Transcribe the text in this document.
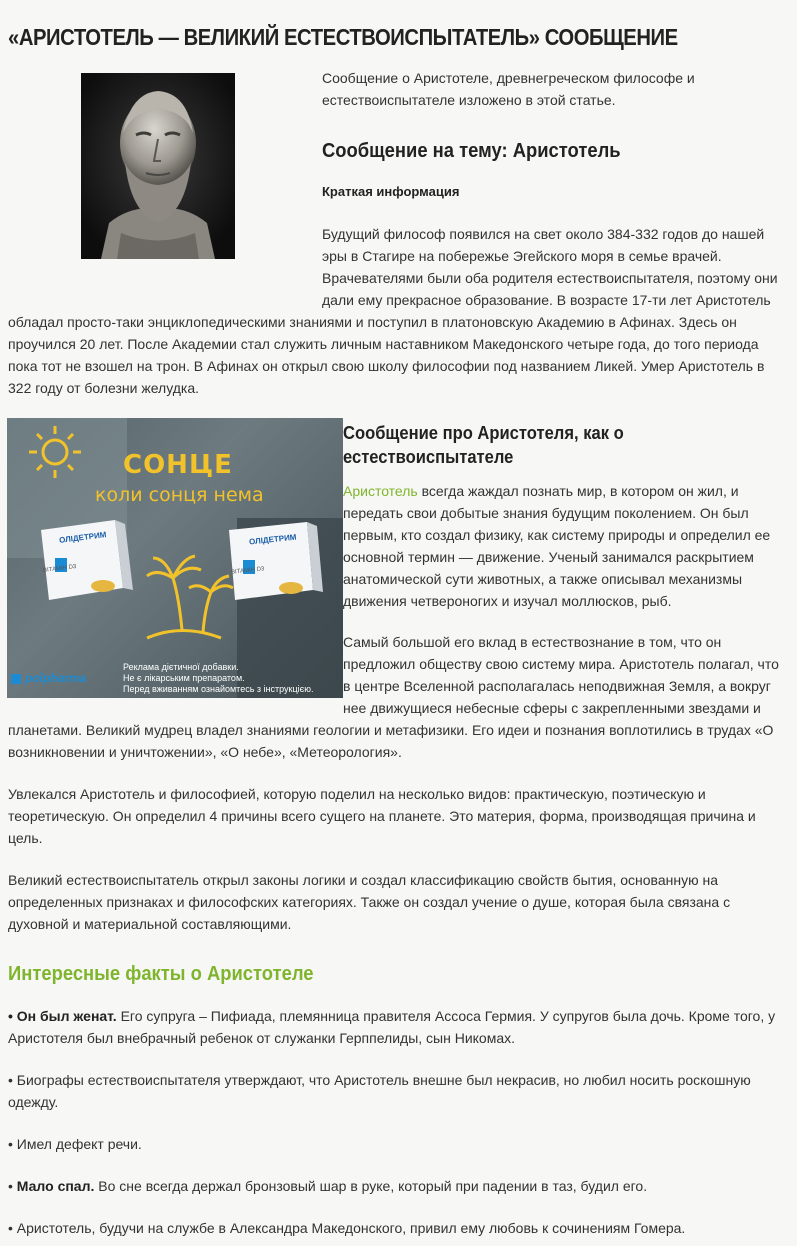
«АРИСТОТЕЛЬ — ВЕЛИКИЙ ЕСТЕСТВОИСПЫТАТЕЛЬ» СООБЩЕНИЕ

Сообщение о Аристотеле, древнегреческом философе и
естествоиспытателе изложено в этой статье.

Сообщение на тему: Аристотель

Краткая информация

Будущий философ появился на свет около 384-332 годов до нашей
эры в Стагире на побережье Эгейского моря в семье врачей.
Врачевателями были оба родителя естествоиспытателя, поэтому они
дали ему прекрасное образование. В возрасте 17-ти лет Аристотель

обладал просто-таки энциклопедическими знаниями и поступил в платоновскую Академию в Афинах. Здесь он
проучился 20 лет. После Академии стал служить личным наставником Македонского четыре года, до того периода
пока тот не взошел на трон. В Афинах он открыл свою школу философии под названием Ликей. Умер Аристотель в
322 году от болезни желудка.

СОНЦЕ
коли сонця нема
ОЛІДЕТРИМ
ВІТАМІН D3
ОЛІДЕТРИМ
ВІТАМІН D3
Реклама дієтичної добавки.
Не є лікарським препаратом.
Перед вживанням ознайомтесь з інструкцією.
polpharma
Сообщение про Аристотеля, как о
естествоиспытателе

Аристотель всегда жаждал познать мир, в котором он жил, и
передать свои добытые знания будущим поколением. Он был
первым, кто создал физику, как систему природы и определил ее
основной термин — движение. Ученый занимался раскрытием
анатомической сути животных, а также описывал механизмы
движения четвероногих и изучал моллюсков, рыб.

Самый большой его вклад в естествознание в том, что он
предложил обществу свою систему мира. Аристотель полагал, что
в центре Вселенной располагалась неподвижная Земля, а вокруг
нее движущиеся небесные сферы с закрепленными звездами и

планетами. Великий мудрец владел знаниями геологии и метафизики. Его идеи и познания воплотились в трудах «О
возникновении и уничтожении», «О небе», «Метеорология».

Увлекался Аристотель и философией, которую поделил на несколько видов: практическую, поэтическую и
теоретическую. Он определил 4 причины всего сущего на планете. Это материя, форма, производящая причина и
цель.

Великий естествоиспытатель открыл законы логики и создал классификацию свойств бытия, основанную на
определенных признаках и философских категориях. Также он создал учение о душе, которая была связана с
духовной и материальной составляющими.

Интересные факты о Аристотеле

• Он был женат. Его супруга – Пифиада, племянница правителя Ассоса Гермия. У супругов была дочь. Кроме того, у
Аристотеля был внебрачный ребенок от служанки Герппелиды, сын Никомах.

• Биографы естествоиспытателя утверждают, что Аристотель внешне был некрасив, но любил носить роскошную
одежду.

• Имел дефект речи.

• Мало спал. Во сне всегда держал бронзовый шар в руке, который при падении в таз, будил его.

• Аристотель, будучи на службе в Александра Македонского, привил ему любовь к сочинениям Гомера.
